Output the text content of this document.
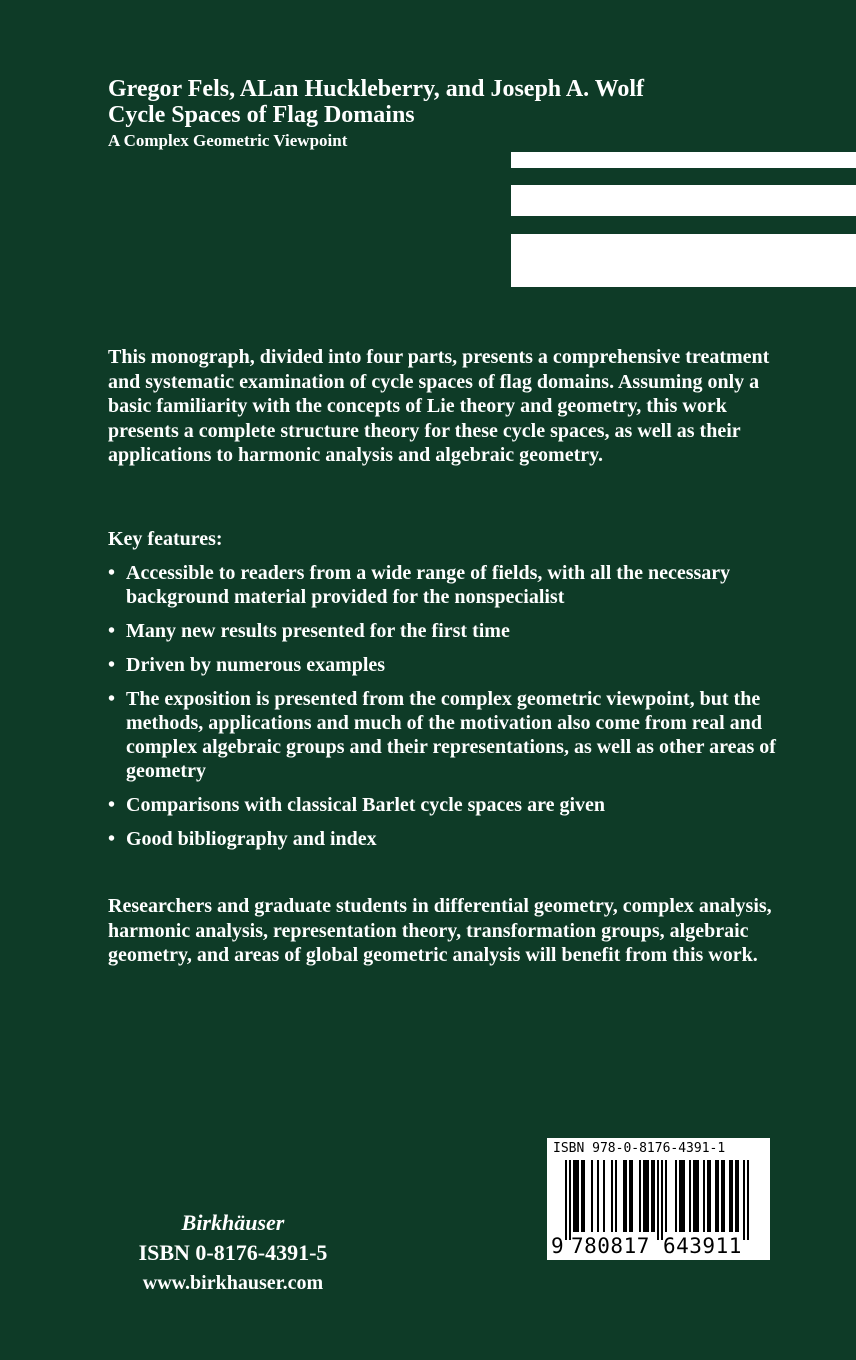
Gregor Fels, ALan Huckleberry, and Joseph A. Wolf
Cycle Spaces of Flag Domains
A Complex Geometric Viewpoint

This monograph, divided into four parts, presents a comprehensive treatment and systematic examination of cycle spaces of flag domains. Assuming only a basic familiarity with the concepts of Lie theory and geometry, this work presents a complete structure theory for these cycle spaces, as well as their applications to harmonic analysis and algebraic geometry.

Key features:
• Accessible to readers from a wide range of fields, with all the necessary background material provided for the nonspecialist
• Many new results presented for the first time
• Driven by numerous examples
• The exposition is presented from the complex geometric viewpoint, but the methods, applications and much of the motivation also come from real and complex algebraic groups and their representations, as well as other areas of geometry
• Comparisons with classical Barlet cycle spaces are given
• Good bibliography and index

Researchers and graduate students in differential geometry, complex analysis, harmonic analysis, representation theory, transformation groups, algebraic geometry, and areas of global geometric analysis will benefit from this work.

Birkhäuser
ISBN 0-8176-4391-5
www.birkhauser.com
ISBN 978-0-8176-4391-1
9 780817 643911
